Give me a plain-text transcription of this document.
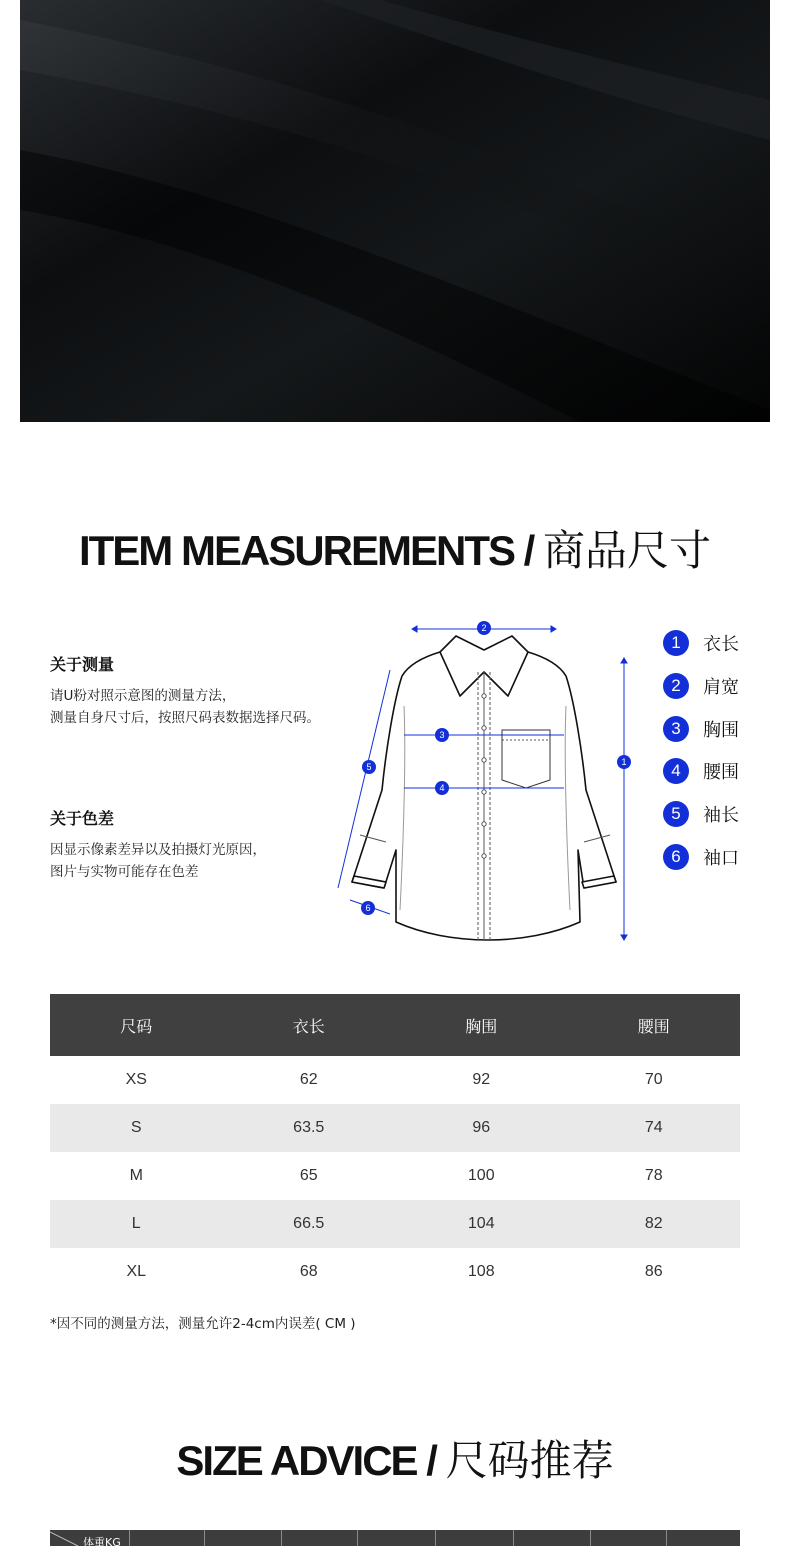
ITEM MEASUREMENTS / 商品尺寸
关于测量

请U粉对照示意图的测量方法，

测量自身尺寸后，按照尺码表数据选择尺码。

关于色差

因显示像素差异以及拍摄灯光原因，

图片与实物可能存在色差

2
1
3
4
5
6
1	衣长
2	肩宽
3	胸围
4	腰围
5	袖长
6	袖口
尺码	衣长	胸围	腰围
XS	62	92	70
S	63.5	96	74
M	65	100	78
L	66.5	104	82
XL	68	108	86
*因不同的测量方法，测量允许2-4cm内误差( CM )
SIZE ADVICE / 尺码推荐
体重KG
